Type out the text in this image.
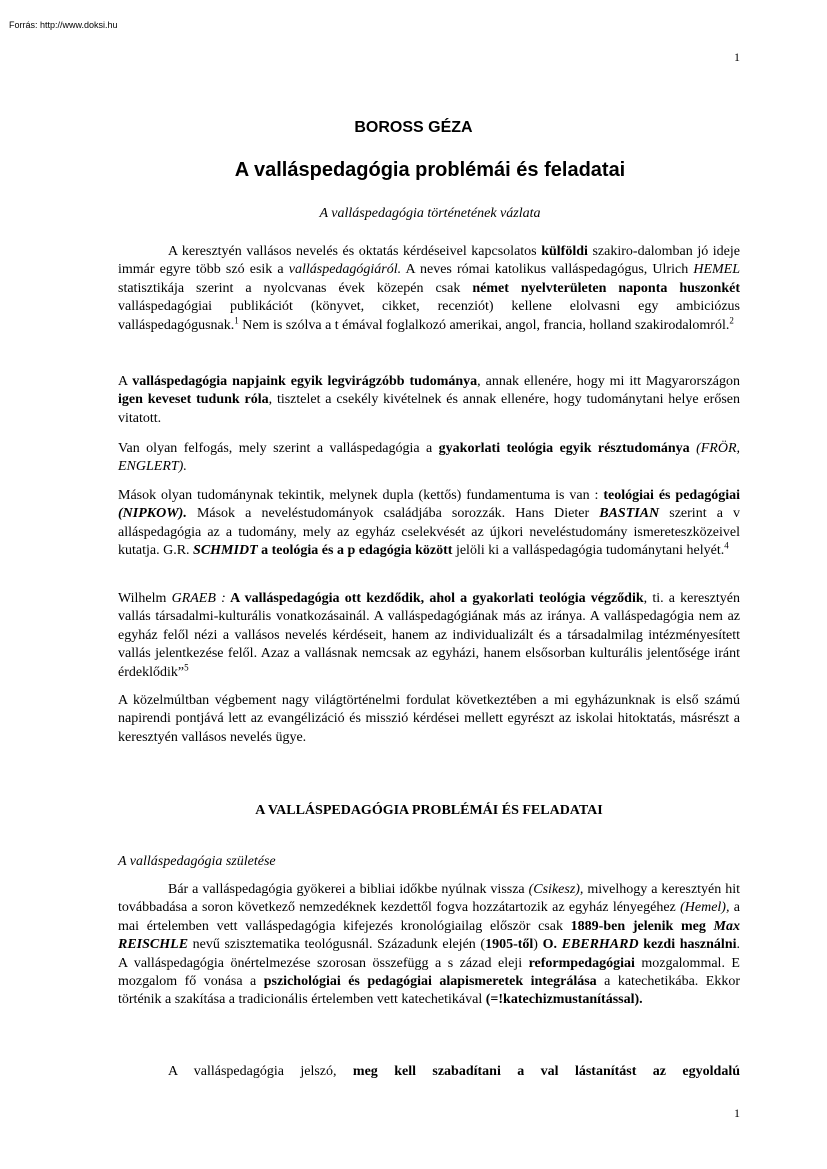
Forrás: http://www.doksi.hu
1
BOROSS GÉZA
A valláspedagógia problémái és feladatai
A valláspedagógia történetének vázlata

A keresztyén vallásos nevelés és oktatás kérdéseivel kapcsolatos külföldi szakiro-dalomban jó ideje immár egyre több szó esik a valláspedagógiáról. A neves római katolikus valláspedagógus, Ulrich HEMEL statisztikája szerint a nyolcvanas évek közepén csak német nyelvterületen naponta huszonkét valláspedagógiai publikációt (könyvet, cikket, recenziót) kellene elolvasni egy ambiciózus valláspedagógusnak.$^1$ Nem is szólva a t émával foglalkozó amerikai, angol, francia, holland szakirodalomról.$^2$

A valláspedagógia napjaink egyik legvirágzóbb tudománya, annak ellenére, hogy mi itt Magyarországon igen keveset tudunk róla, tisztelet a csekély kivételnek és annak ellenére, hogy tudománytani helye erősen vitatott.

Van olyan felfogás, mely szerint a valláspedagógia a gyakorlati teológia egyik résztudománya (FRÖR, ENGLERT).

Mások olyan tudománynak tekintik, melynek dupla (kettős) fundamentuma is van : teológiai és pedagógiai (NIPKOW). Mások a neveléstudományok családjába sorozzák. Hans Dieter BASTIAN szerint a v alláspedagógia az a tudomány, mely az egyház cselekvését az újkori neveléstudomány ismereteszközeivel kutatja. G.R. SCHMIDT a teológia és a p edagógia között jelöli ki a valláspedagógia tudománytani helyét.$^4$

Wilhelm GRAEB : A valláspedagógia ott kezdődik, ahol a gyakorlati teológia végződik, ti. a keresztyén vallás társadalmi-kulturális vonatkozásainál. A valláspedagógiának más az iránya. A valláspedagógia nem az egyház felől nézi a vallásos nevelés kérdéseit, hanem az individualizált és a társadalmilag intézményesített vallás jelentkezése felől. Azaz a vallásnak nemcsak az egyházi, hanem elsősorban kulturális jelentősége iránt érdeklődik”$^5$

A közelmúltban végbement nagy világtörténelmi fordulat következtében a mi egyházunknak is első számú napirendi pontjává lett az evangélizáció és misszió kérdései mellett egyrészt az iskolai hitoktatás, másrészt a keresztyén vallásos nevelés ügye.

A VALLÁSPEDAGÓGIA PROBLÉMÁI ÉS FELADATAI
A valláspedagógia születése

Bár a valláspedagógia gyökerei a bibliai időkbe nyúlnak vissza (Csikesz), mivelhogy a keresztyén hit továbbadása a soron következő nemzedéknek kezdettől fogva hozzátartozik az egyház lényegéhez (Hemel), a mai értelemben vett valláspedagógia kifejezés kronológiailag először csak 1889-ben jelenik meg Max REISCHLE nevű szisztematika teológusnál. Századunk elején (1905-től) O. EBERHARD kezdi használni. A valláspedagógia önértelmezése szorosan összefügg a s zázad eleji reformpedagógiai mozgalommal. E mozgalom fő vonása a pszichológiai és pedagógiai alapismeretek integrálása a katechetikába. Ekkor történik a szakítása a tradicionális értelemben vett katechetikával (=!katechizmustanítással).

A valláspedagógia jelszó, meg kell szabadítani a val lástanítást az egyoldalú
1
